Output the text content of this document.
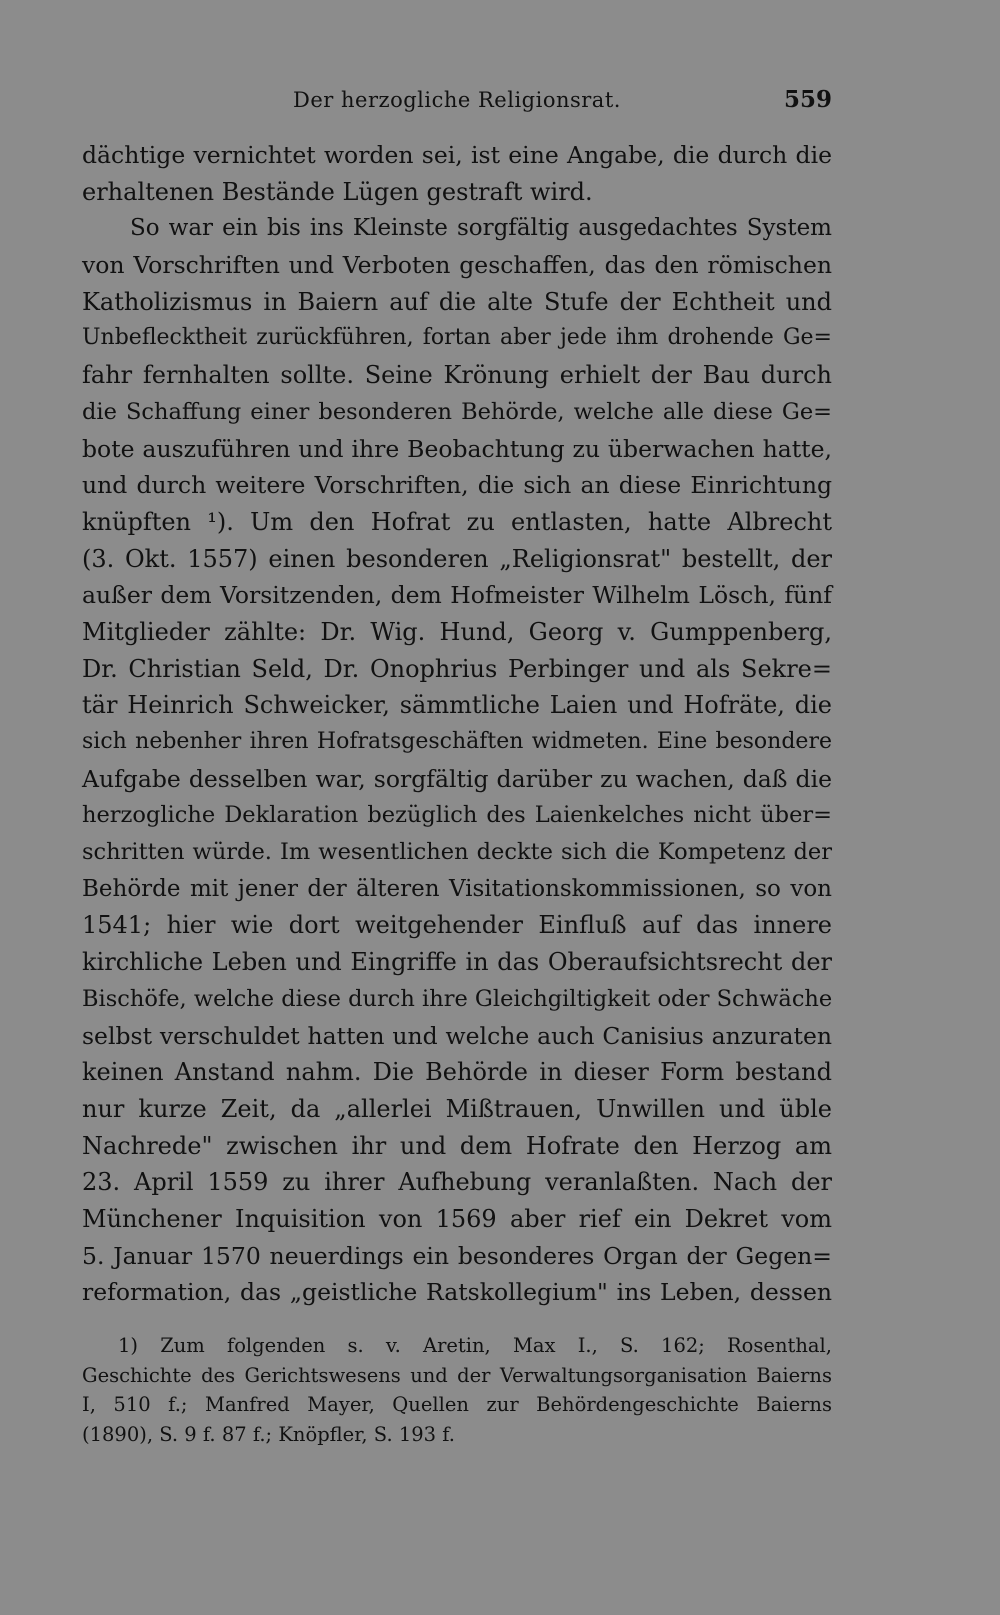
Der herzogliche Religionsrat.	559
dächtige vernichtet worden sei, ist eine Angabe, die durch die
erhaltenen Bestände Lügen gestraft wird.
So war ein bis ins Kleinste sorgfältig ausgedachtes System
von Vorschriften und Verboten geschaffen, das den römischen
Katholizismus in Baiern auf die alte Stufe der Echtheit und
Unbeflecktheit zurückführen, fortan aber jede ihm drohende Ge=
fahr fernhalten sollte. Seine Krönung erhielt der Bau durch
die Schaffung einer besonderen Behörde, welche alle diese Ge=
bote auszuführen und ihre Beobachtung zu überwachen hatte,
und durch weitere Vorschriften, die sich an diese Einrichtung
knüpften ¹). Um den Hofrat zu entlasten, hatte Albrecht
(3. Okt. 1557) einen besonderen „Religionsrat" bestellt, der
außer dem Vorsitzenden, dem Hofmeister Wilhelm Lösch, fünf
Mitglieder zählte: Dr. Wig. Hund, Georg v. Gumppenberg,
Dr. Christian Seld, Dr. Onophrius Perbinger und als Sekre=
tär Heinrich Schweicker, sämmtliche Laien und Hofräte, die
sich nebenher ihren Hofratsgeschäften widmeten. Eine besondere
Aufgabe desselben war, sorgfältig darüber zu wachen, daß die
herzogliche Deklaration bezüglich des Laienkelches nicht über=
schritten würde. Im wesentlichen deckte sich die Kompetenz der
Behörde mit jener der älteren Visitationskommissionen, so von
1541; hier wie dort weitgehender Einfluß auf das innere
kirchliche Leben und Eingriffe in das Oberaufsichtsrecht der
Bischöfe, welche diese durch ihre Gleichgiltigkeit oder Schwäche
selbst verschuldet hatten und welche auch Canisius anzuraten
keinen Anstand nahm. Die Behörde in dieser Form bestand
nur kurze Zeit, da „allerlei Mißtrauen, Unwillen und üble
Nachrede" zwischen ihr und dem Hofrate den Herzog am
23. April 1559 zu ihrer Aufhebung veranlaßten. Nach der
Münchener Inquisition von 1569 aber rief ein Dekret vom
5. Januar 1570 neuerdings ein besonderes Organ der Gegen=
reformation, das „geistliche Ratskollegium" ins Leben, dessen
1) Zum folgenden s. v. Aretin, Max I., S. 162; Rosenthal,
Geschichte des Gerichtswesens und der Verwaltungsorganisation Baierns
I, 510 f.; Manfred Mayer, Quellen zur Behördengeschichte Baierns
(1890), S. 9 f. 87 f.; Knöpfler, S. 193 f.
